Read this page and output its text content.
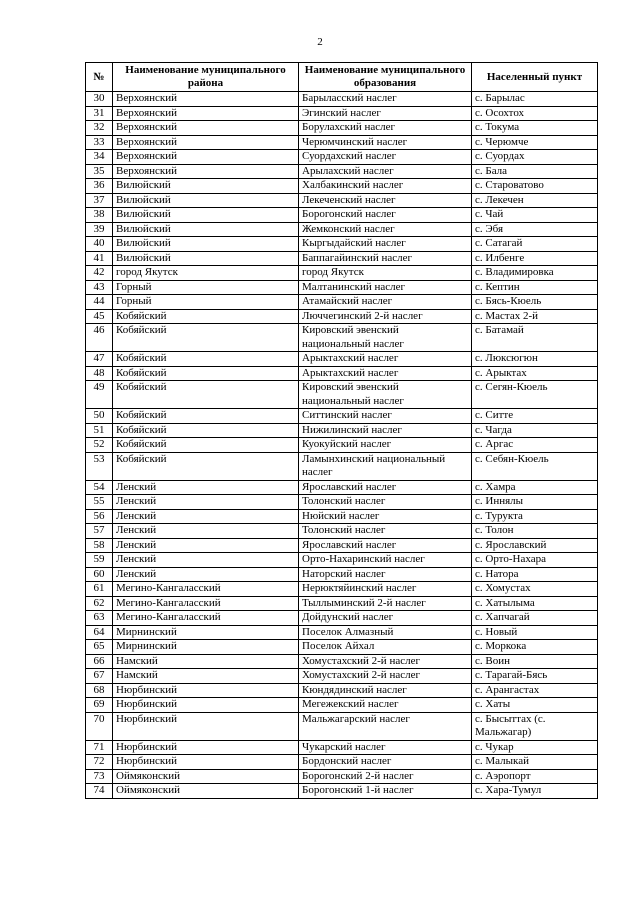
2
№	Наименование муниципального района	Наименование муниципального образования	Населенный пункт
30	Верхоянский	Барыласский наслег	с. Барылас
31	Верхоянский	Эгинский наслег	с. Осохтох
32	Верхоянский	Борулахский наслег	с. Токума
33	Верхоянский	Черюмчинский наслег	с. Черюмче
34	Верхоянский	Суордахский наслег	с. Суордах
35	Верхоянский	Арылахский наслег	с. Бала
36	Вилюйский	Халбакинский наслег	с. Староватово
37	Вилюйский	Лекеченский наслег	с. Лекечен
38	Вилюйский	Борогонский наслег	с. Чай
39	Вилюйский	Жемконский наслег	с. Эбя
40	Вилюйский	Кыргыдайский наслег	с. Сатагай
41	Вилюйский	Баппагайинский наслег	с. Илбенге
42	город Якутск	город Якутск	с. Владимировка
43	Горный	Малтанинский наслег	с. Кептин
44	Горный	Атамайский наслег	с. Бясь-Кюель
45	Кобяйский	Люччегинский 2-й наслег	с. Мастах 2-й
46	Кобяйский	Кировский эвенский национальный наслег	с. Батамай
47	Кобяйский	Арыктахский наслег	с. Люксюгюн
48	Кобяйский	Арыктахский наслег	с. Арыктах
49	Кобяйский	Кировский эвенский национальный наслег	с. Сегян-Кюель
50	Кобяйский	Ситтинский наслег	с. Ситте
51	Кобяйский	Нижилинский наслег	с. Чагда
52	Кобяйский	Куокуйский наслег	с. Аргас
53	Кобяйский	Ламынхинский национальный наслег	с. Себян-Кюель
54	Ленский	Ярославский наслег	с. Хамра
55	Ленский	Толонский наслег	с. Иннялы
56	Ленский	Нюйский наслег	с. Турукта
57	Ленский	Толонский наслег	с. Толон
58	Ленский	Ярославский наслег	с. Ярославский
59	Ленский	Орто-Нахаринский наслег	с. Орто-Нахара
60	Ленский	Наторский наслег	с. Натора
61	Мегино-Кангаласский	Нерюктяйинский наслег	с. Хомустах
62	Мегино-Кангаласский	Тыллыминский 2-й наслег	с. Хатылыма
63	Мегино-Кангаласский	Дойдунский наслег	с. Хапчагай
64	Мирнинский	Поселок Алмазный	с. Новый
65	Мирнинский	Поселок Айхал	с. Моркока
66	Намский	Хомустахский 2-й наслег	с. Воин
67	Намский	Хомустахский 2-й наслег	с. Тарагай-Бясь
68	Нюрбинский	Кюндядинский наслег	с. Арангастах
69	Нюрбинский	Мегежекский наслег	с. Хаты
70	Нюрбинский	Мальжагарский наслег	с. Бысыттах (с. Мальжагар)
71	Нюрбинский	Чукарский наслег	с. Чукар
72	Нюрбинский	Бордонский наслег	с. Малыкай
73	Оймяконский	Борогонский 2-й наслег	с. Аэропорт
74	Оймяконский	Борогонский 1-й наслег	с. Хара-Тумул
